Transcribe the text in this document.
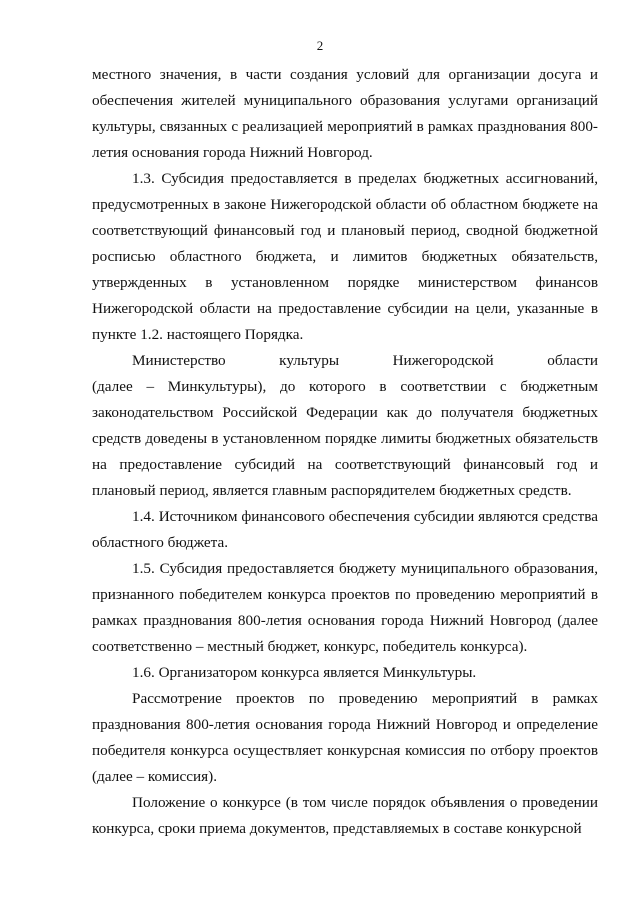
2

местного значения, в части создания условий для организации досуга и обеспечения жителей муниципального образования услугами организаций культуры, связанных с реализацией мероприятий в рамках празднования 800-летия основания города Нижний Новгород.

1.3. Субсидия предоставляется в пределах бюджетных ассигнований, предусмотренных в законе Нижегородской области об областном бюджете на соответствующий финансовый год и плановый период, сводной бюджетной росписью областного бюджета, и лимитов бюджетных обязательств, утвержденных в установленном порядке министерством финансов Нижегородской области на предоставление субсидии на цели, указанные в пункте 1.2. настоящего Порядка.

Министерство культуры Нижегородской области

(далее – Минкультуры), до которого в соответствии с бюджетным законодательством Российской Федерации как до получателя бюджетных средств доведены в установленном порядке лимиты бюджетных обязательств на предоставление субсидий на соответствующий финансовый год и плановый период, является главным распорядителем бюджетных средств.

1.4. Источником финансового обеспечения субсидии являются средства областного бюджета.

1.5. Субсидия предоставляется бюджету муниципального образования, признанного победителем конкурса проектов по проведению мероприятий в рамках празднования 800-летия основания города Нижний Новгород (далее соответственно – местный бюджет, конкурс, победитель конкурса).

1.6. Организатором конкурса является Минкультуры.

Рассмотрение проектов по проведению мероприятий в рамках празднования 800-летия основания города Нижний Новгород и определение победителя конкурса осуществляет конкурсная комиссия по отбору проектов (далее – комиссия).

Положение о конкурсе (в том числе порядок объявления о проведении конкурса, сроки приема документов, представляемых в составе конкурсной
